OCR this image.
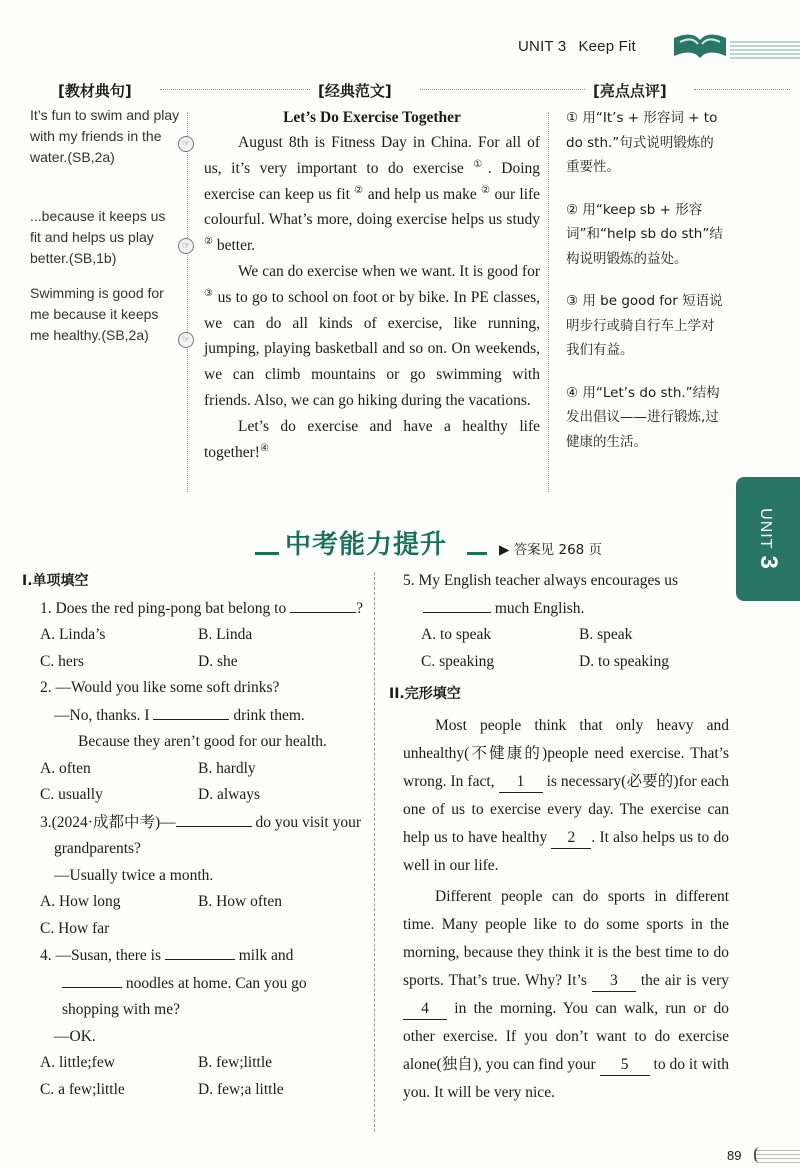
UNIT 3 Keep Fit
[教材典句]	[经典范文]	[亮点点评]

It’s fun to swim and play with my friends in the water.(SB,2a)

...because it keeps us fit and helps us play better.(SB,1b)

Swimming is good for me because it keeps me healthy.(SB,2a)

☞
☞
☞
Let’s Do Exercise Together

August 8th is Fitness Day in China. For all of us, it’s very important to do exercise ①. Doing exercise can keep us fit ② and help us make ② our life colourful. What’s more, doing exercise helps us study ② better.

We can do exercise when we want. It is good for ③ us to go to school on foot or by bike. In PE classes, we can do all kinds of exercise, like running, jumping, playing basketball and so on. On weekends, we can climb mountains or go swimming with friends. Also, we can go hiking during the vacations.

Let’s do exercise and have a healthy life together!④

① 用“It’s + 形容词 + to do sth.”句式说明锻炼的重要性。

② 用“keep sb + 形容词”和“help sb do sth”结构说明锻炼的益处。

③ 用 be good for 短语说明步行或骑自行车上学对我们有益。

④ 用“Let’s do sth.”结构发出倡议——进行锻炼,过健康的生活。

UNIT3
中考能力提升	▶ 答案见 268 页
I.单项填空
1. Does the red ping-pong bat belong to	?
A. Linda’s	B. Linda
C. hers	D. she
2. —Would you like some soft drinks?
—No, thanks. I	drink them.
Because they aren’t good for our health.
A. often	B. hardly
C. usually	D. always
3.(2024·成都中考)—	do you visit your grandparents?
—Usually twice a month.
A. How long	B. How often
C. How far
4. —Susan, there is	milk and
noodles at home. Can you go shopping with me?
—OK.
A. little;few	B. few;little
C. a few;little	D. few;a little
5. My English teacher always encourages us
much English.
A. to speak	B. speak
C. speaking	D. to speaking
II.完形填空
Most people think that only heavy and unhealthy(不健康的)people need exercise. That’s wrong. In fact, 1 is necessary(必要的)for each one of us to exercise every day. The exercise can help us to have healthy 2 . It also helps us to do well in our life.
Different people can do sports in different time. Many people like to do some sports in the morning, because they think it is the best time to do sports. That’s true. Why? It’s 3 the air is very 4 in the morning. You can walk, run or do other exercise. If you don’t want to do exercise alone(独自), you can find your 5 to do it with you. It will be very nice.
89
